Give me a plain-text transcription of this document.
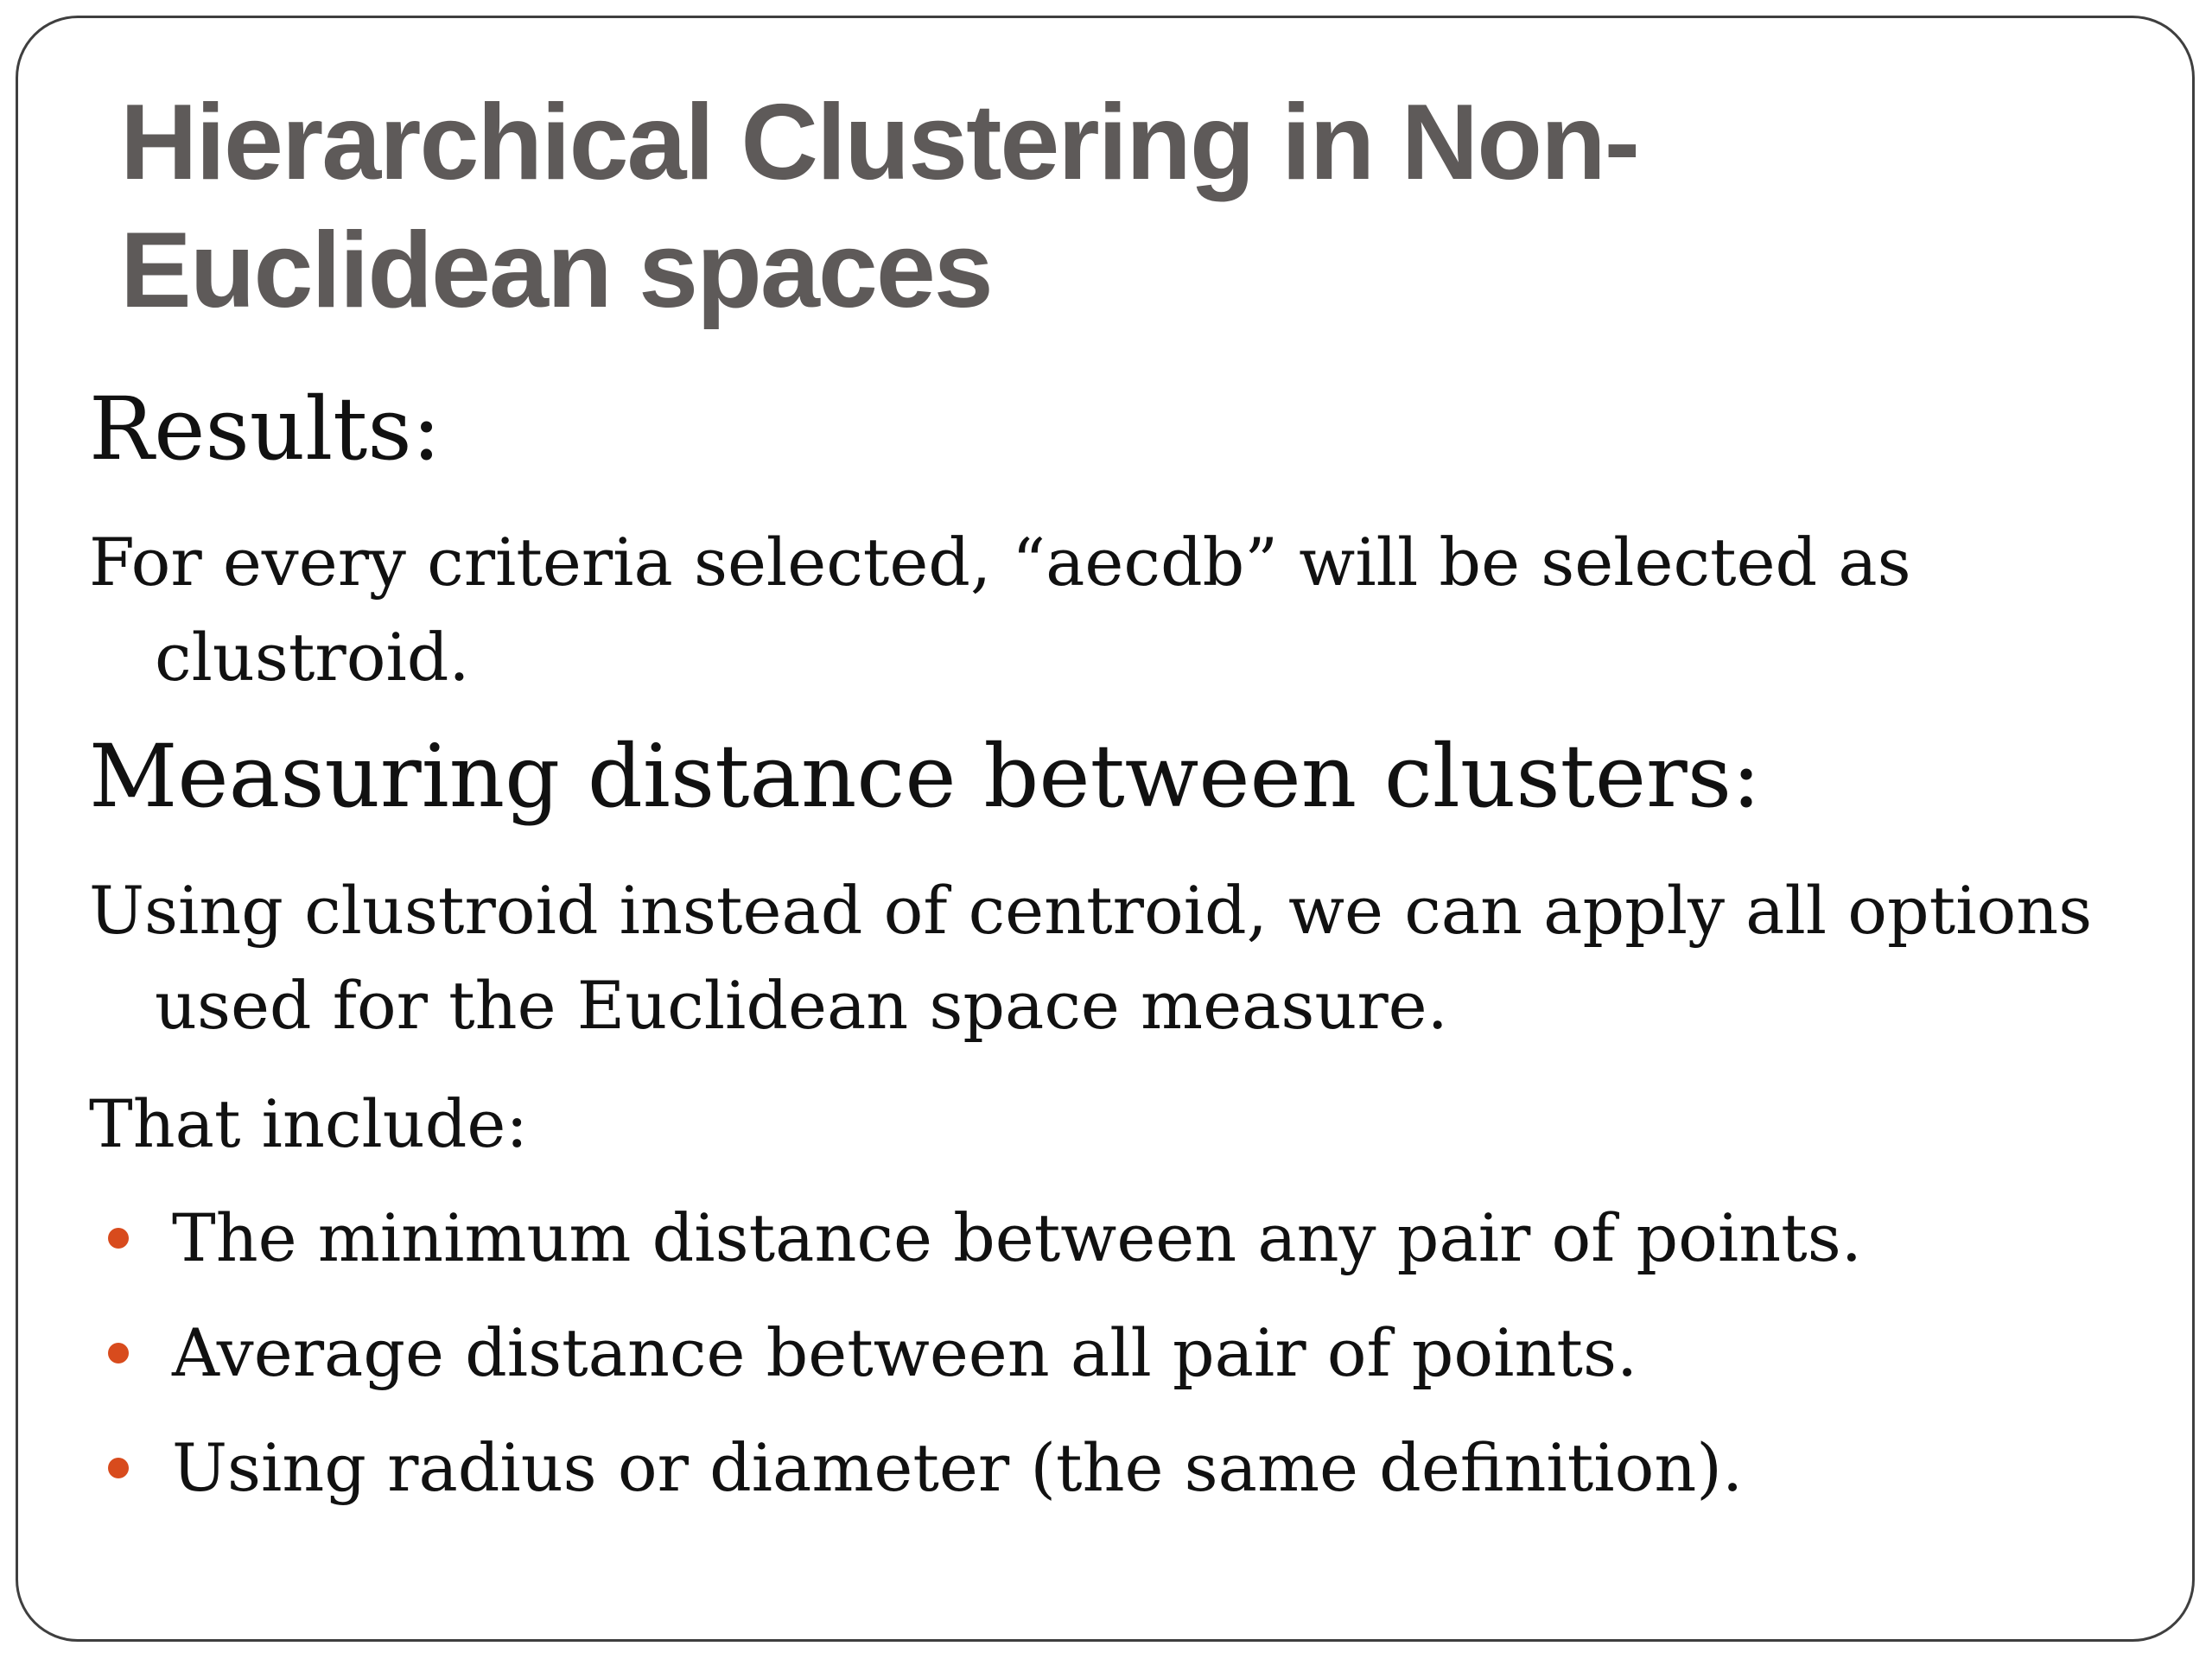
Hierarchical Clustering in Non-Euclidean spaces
Results:

For every criteria selected, “aecdb” will be selected as
clustroid.

Measuring distance between clusters:

Using clustroid instead of centroid, we can apply all options
used for the Euclidean space measure.

That include:

The minimum distance between any pair of points.
Average distance between all pair of points.
Using radius or diameter (the same definition).
